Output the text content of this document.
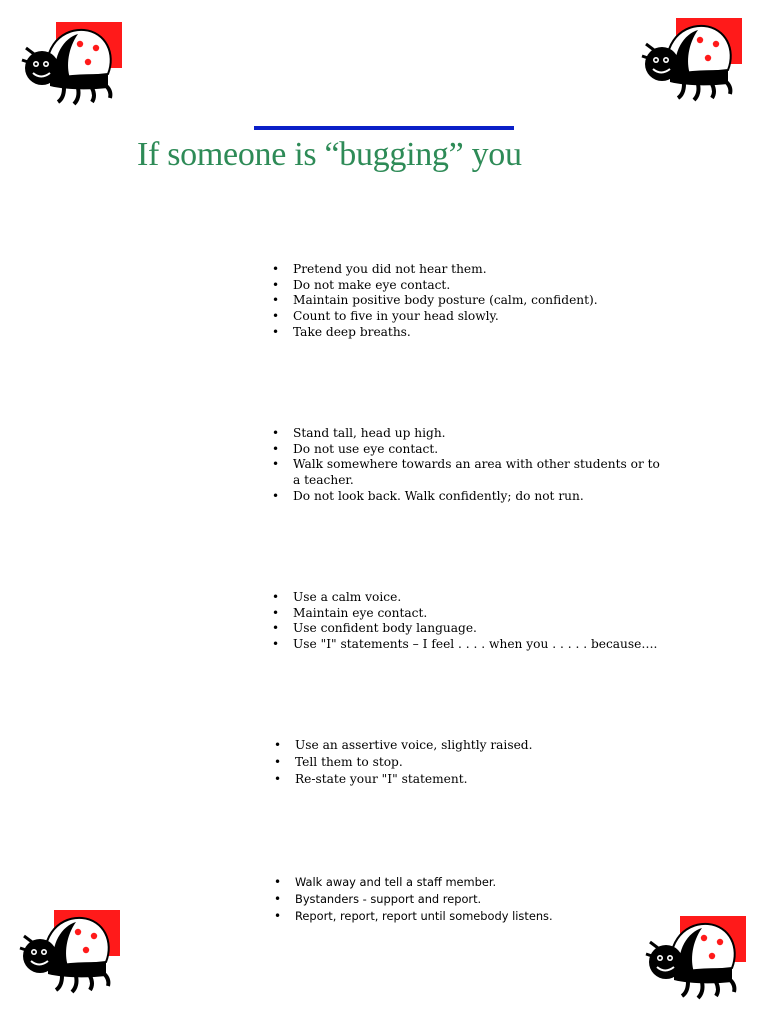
If someone is “bugging” you
• Pretend you did not hear them.
• Do not make eye contact.
• Maintain positive body posture (calm, confident).
• Count to five in your head slowly.
• Take deep breaths.
• Stand tall, head up high.
• Do not use eye contact.
• Walk somewhere towards an area with other students or to a teacher.
• Do not look back. Walk confidently; do not run.
• Use a calm voice.
• Maintain eye contact.
• Use confident body language.
• Use "I" statements – I feel . . . . when you . . . . . because….
• Use an assertive voice, slightly raised.
• Tell them to stop.
• Re-state your "I" statement.
• Walk away and tell a staff member.
• Bystanders - support and report.
• Report, report, report until somebody listens.
